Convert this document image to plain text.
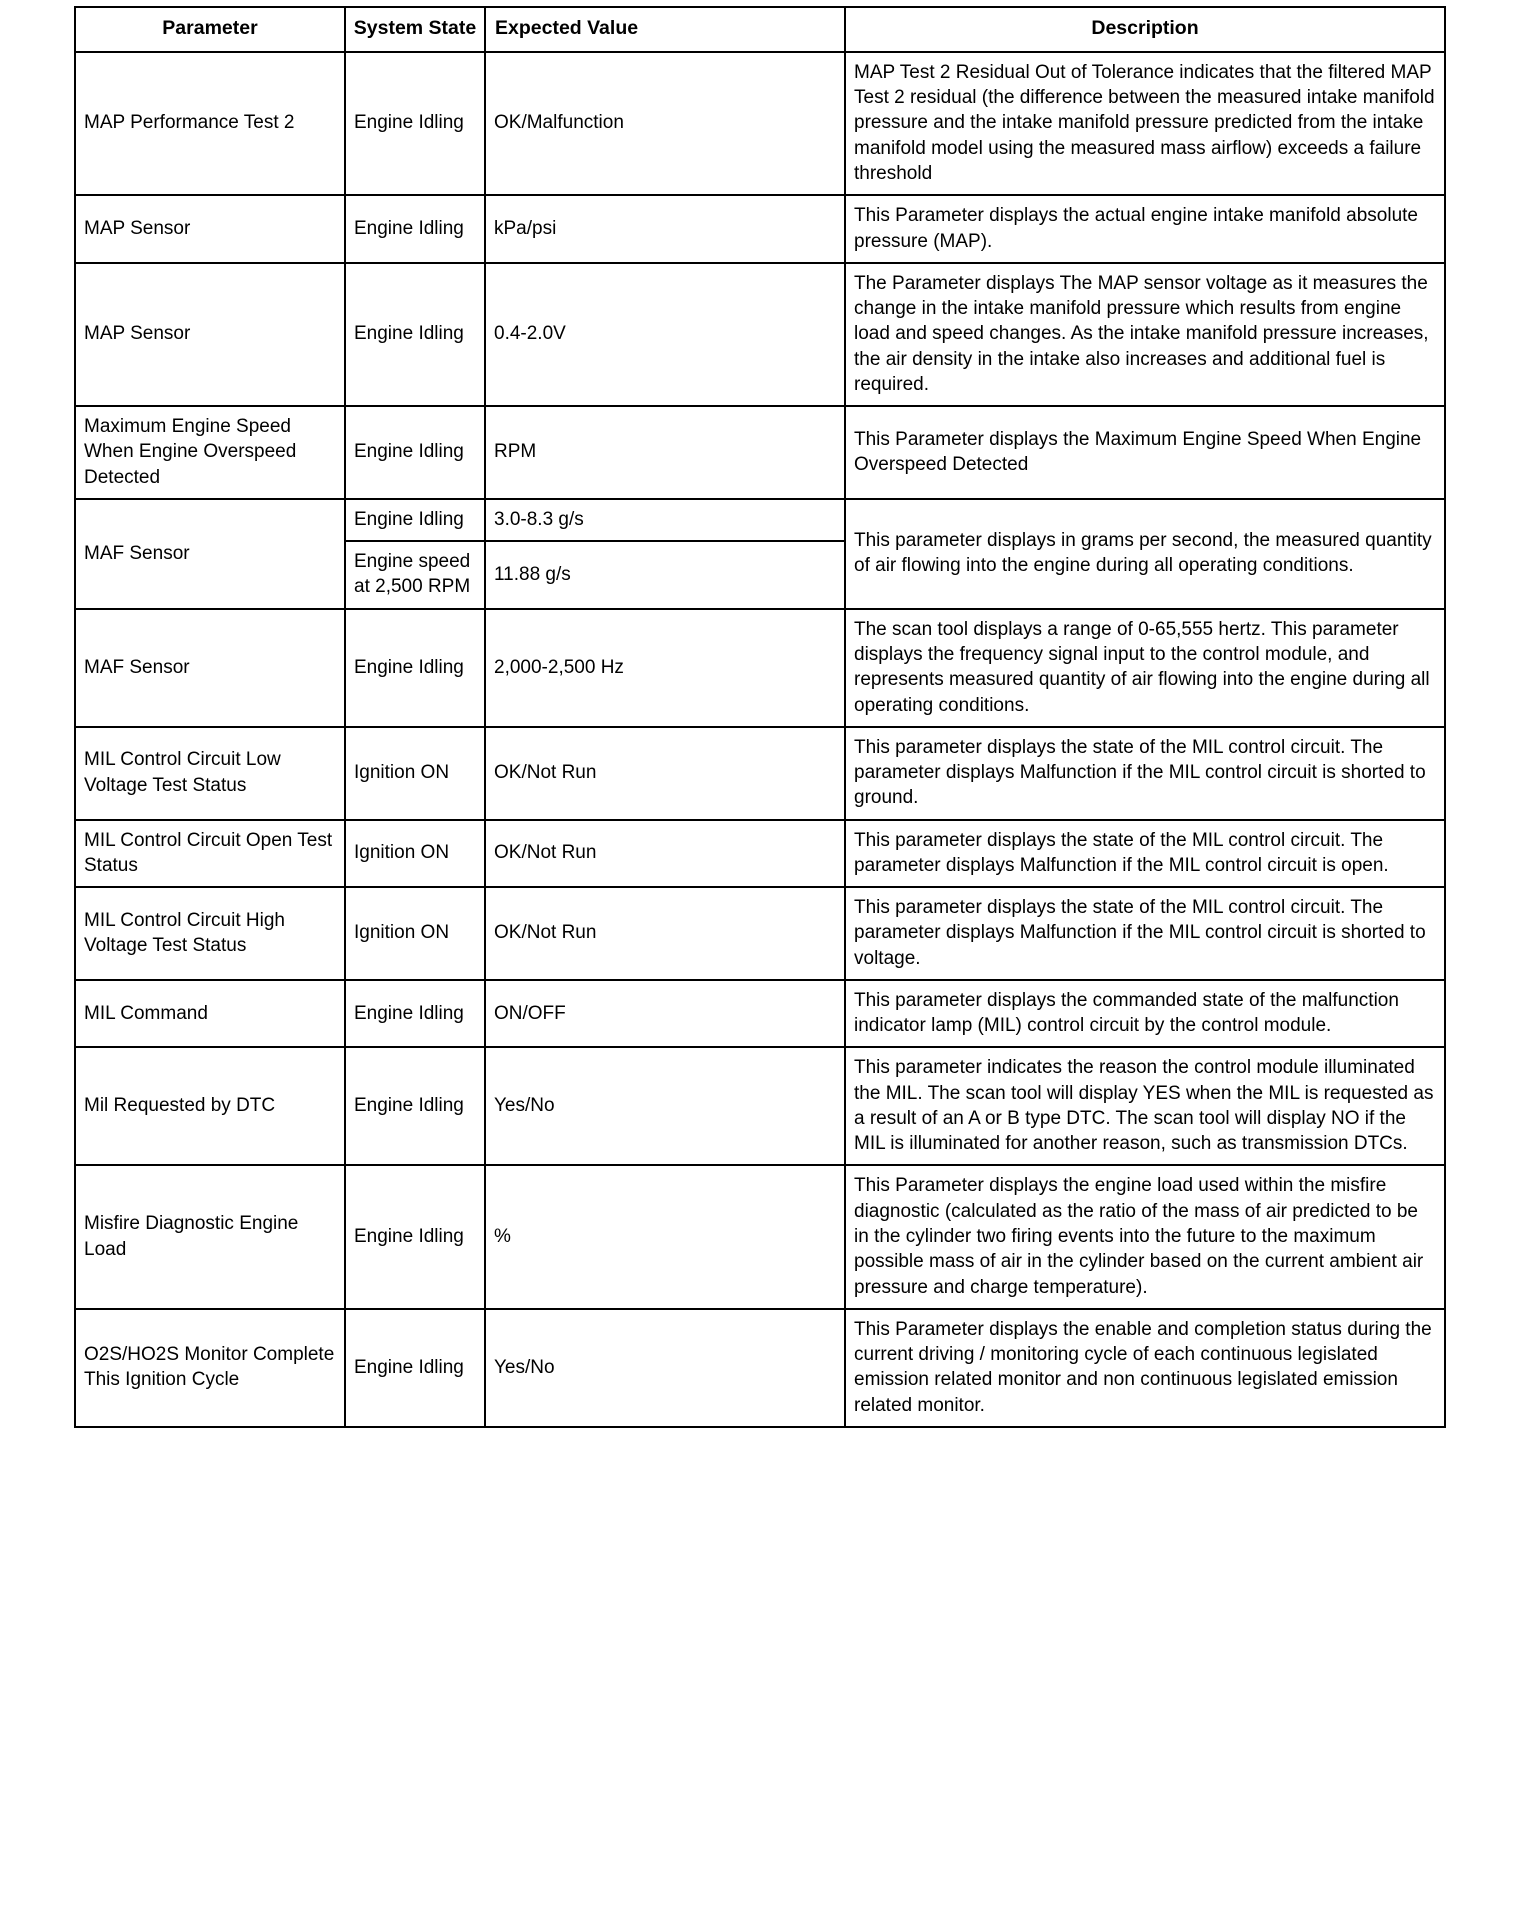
Parameter	System State	Expected Value	Description
MAP Performance Test 2	Engine Idling	OK/Malfunction	MAP Test 2 Residual Out of Tolerance indicates that the filtered MAP Test 2 residual (the difference between the measured intake manifold pressure and the intake manifold pressure predicted from the intake manifold model using the measured mass airflow) exceeds a failure threshold
MAP Sensor	Engine Idling	kPa/psi	This Parameter displays the actual engine intake manifold absolute pressure (MAP).
MAP Sensor	Engine Idling	0.4-2.0V	The Parameter displays The MAP sensor voltage as it measures the change in the intake manifold pressure which results from engine load and speed changes. As the intake manifold pressure increases, the air density in the intake also increases and additional fuel is required.
Maximum Engine Speed When Engine Overspeed Detected	Engine Idling	RPM	This Parameter displays the Maximum Engine Speed When Engine Overspeed Detected
MAF Sensor	Engine Idling	3.0-8.3 g/s	This parameter displays in grams per second, the measured quantity of air flowing into the engine during all operating conditions.
	Engine speed at 2,500 RPM	11.88 g/s	
MAF Sensor	Engine Idling	2,000-2,500 Hz	The scan tool displays a range of 0-65,555 hertz. This parameter displays the frequency signal input to the control module, and represents measured quantity of air flowing into the engine during all operating conditions.
MIL Control Circuit Low Voltage Test Status	Ignition ON	OK/Not Run	This parameter displays the state of the MIL control circuit. The parameter displays Malfunction if the MIL control circuit is shorted to ground.
MIL Control Circuit Open Test Status	Ignition ON	OK/Not Run	This parameter displays the state of the MIL control circuit. The parameter displays Malfunction if the MIL control circuit is open.
MIL Control Circuit High Voltage Test Status	Ignition ON	OK/Not Run	This parameter displays the state of the MIL control circuit. The parameter displays Malfunction if the MIL control circuit is shorted to voltage.
MIL Command	Engine Idling	ON/OFF	This parameter displays the commanded state of the malfunction indicator lamp (MIL) control circuit by the control module.
Mil Requested by DTC	Engine Idling	Yes/No	This parameter indicates the reason the control module illuminated the MIL. The scan tool will display YES when the MIL is requested as a result of an A or B type DTC. The scan tool will display NO if the MIL is illuminated for another reason, such as transmission DTCs.
Misfire Diagnostic Engine Load	Engine Idling	%	This Parameter displays the engine load used within the misfire diagnostic (calculated as the ratio of the mass of air predicted to be in the cylinder two firing events into the future to the maximum possible mass of air in the cylinder based on the current ambient air pressure and charge temperature).
O2S/HO2S Monitor Complete This Ignition Cycle	Engine Idling	Yes/No	This Parameter displays the enable and completion status during the current driving / monitoring cycle of each continuous legislated emission related monitor and non continuous legislated emission related monitor.
